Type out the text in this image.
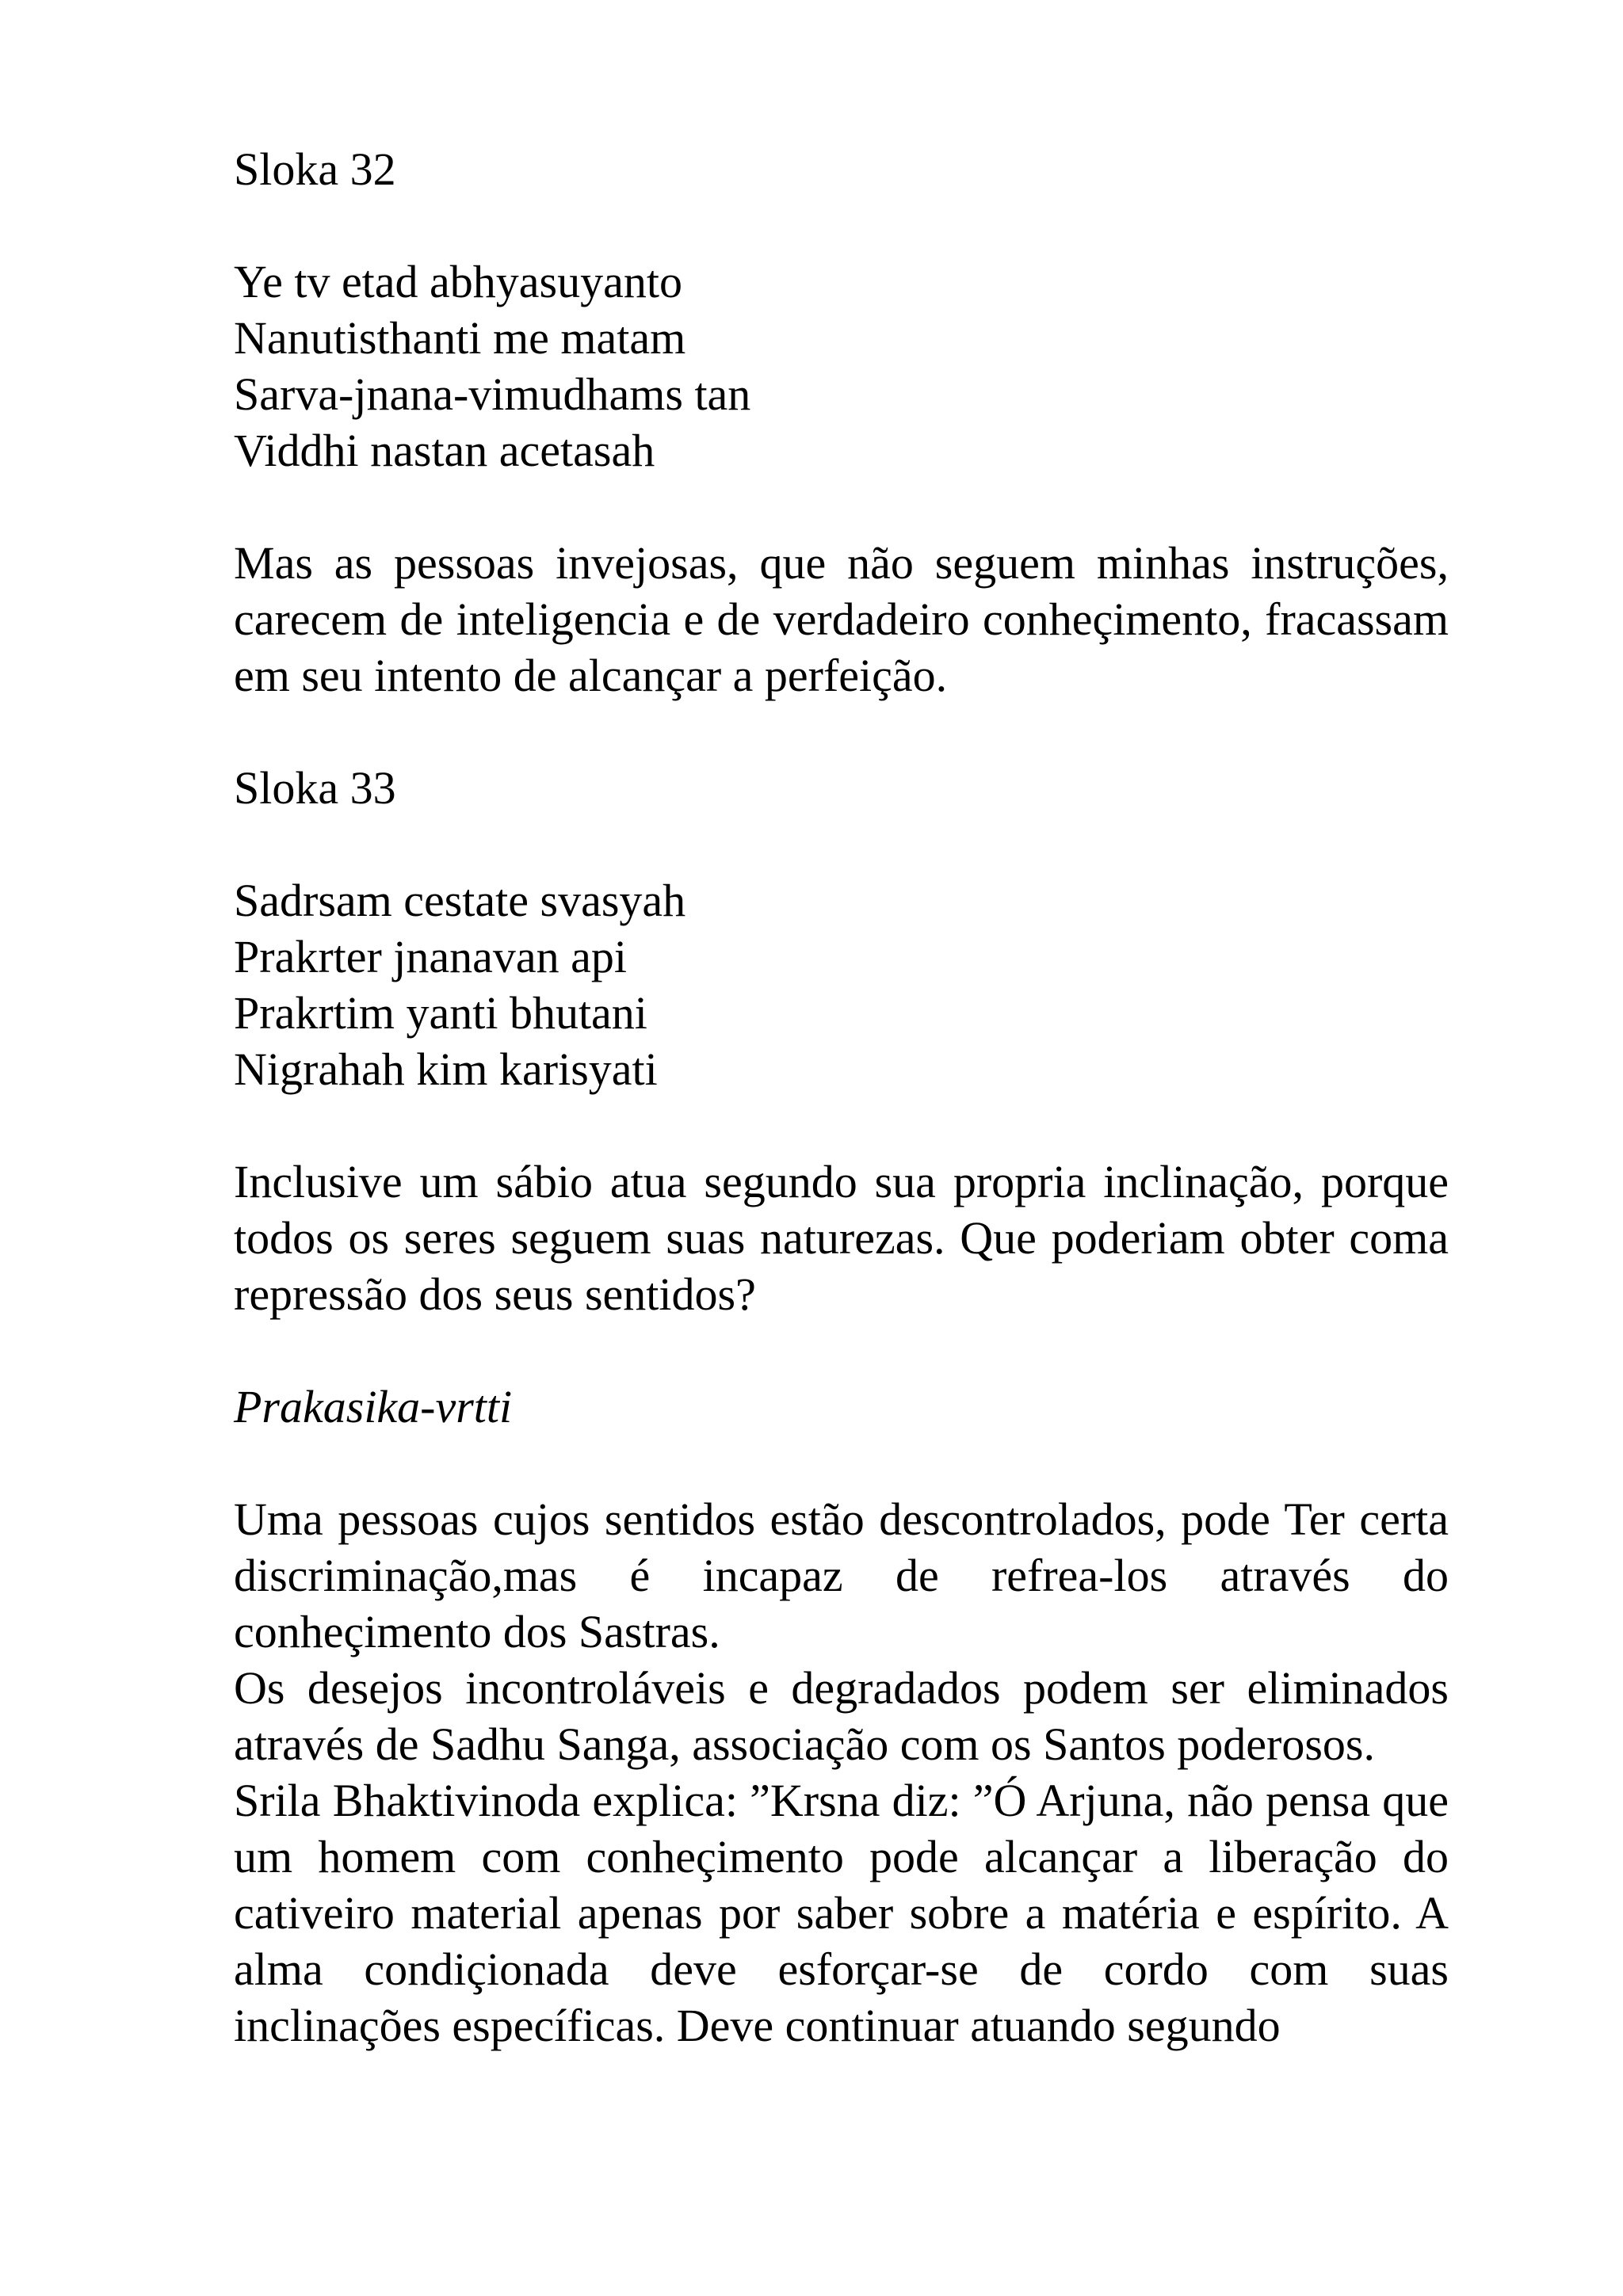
Sloka 32

Ye tv etad abhyasuyanto
Nanutisthanti me matam
Sarva-jnana-vimudhams tan
Viddhi nastan acetasah

Mas as pessoas invejosas, que não seguem minhas instruções, carecem de inteligencia e de verdadeiro conheçimento, fracassam em seu intento de alcançar a perfeição.

Sloka 33

Sadrsam cestate svasyah
Prakrter jnanavan api
Prakrtim yanti bhutani
Nigrahah kim karisyati

Inclusive um sábio atua segundo sua propria inclinação, porque todos os seres seguem suas naturezas. Que poderiam obter coma repressão dos seus sentidos?

Prakasika-vrtti

Uma pessoas cujos sentidos estão descontrolados, pode Ter certa discriminação,mas é incapaz de refrea-los através do conheçimento dos Sastras.

Os desejos incontroláveis e degradados podem ser eliminados através de Sadhu Sanga, associação com os Santos poderosos.

Srila Bhaktivinoda explica: ”Krsna diz: ”Ó Arjuna, não pensa que um homem com conheçimento pode alcançar a liberação do cativeiro material apenas por saber sobre a matéria e espírito. A alma condiçionada deve esforçar-se de cordo com suas inclinações específicas. Deve continuar atuando segundo
